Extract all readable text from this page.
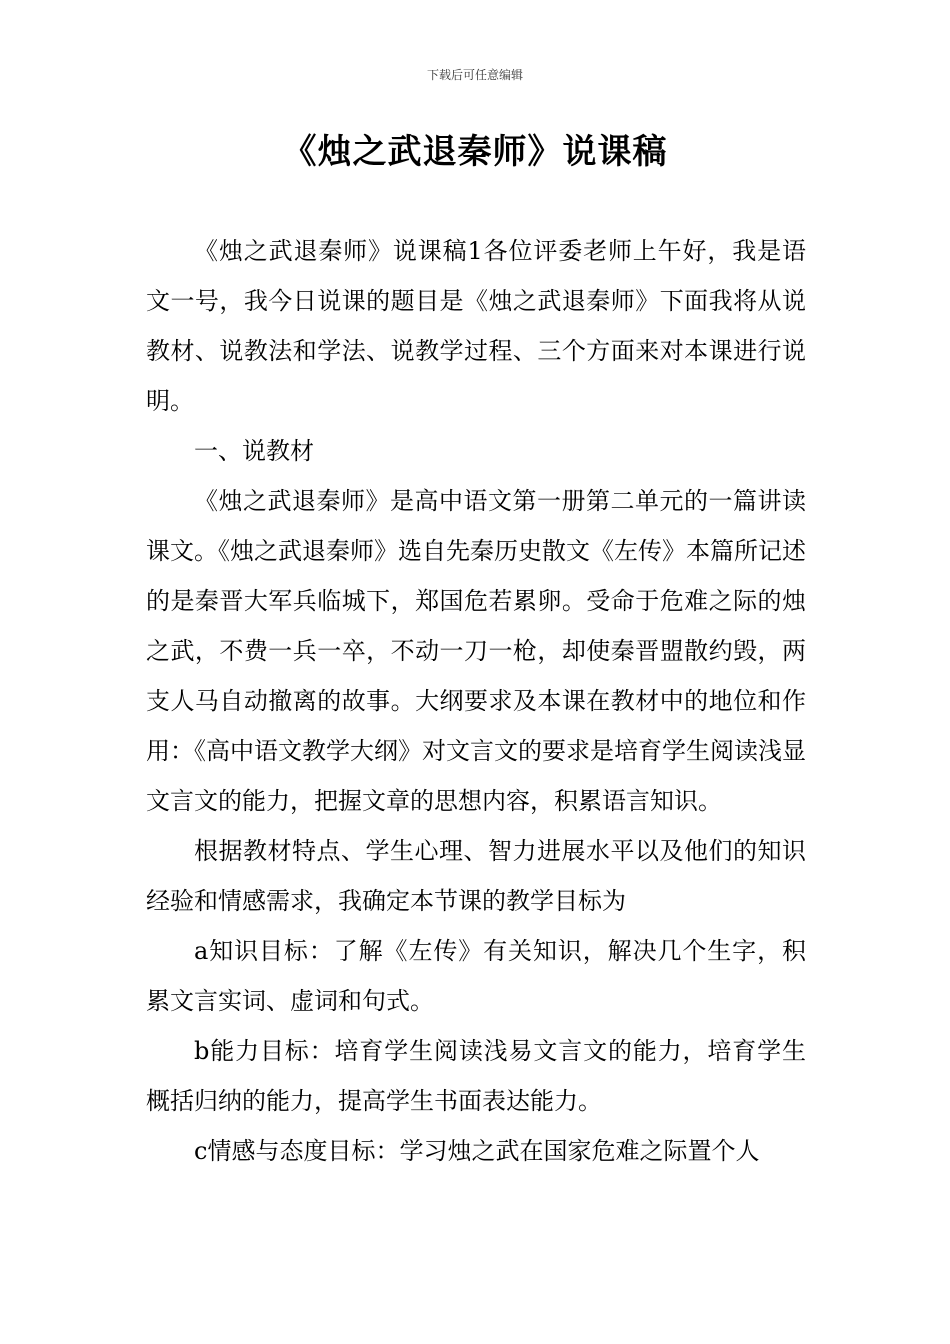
下载后可任意编辑
《烛之武退秦师》说课稿

《烛之武退秦师》说课稿1各位评委老师上午好，我是语文一号，我今日说课的题目是《烛之武退秦师》下面我将从说教材、说教法和学法、说教学过程、三个方面来对本课进行说明。

一、说教材

《烛之武退秦师》是高中语文第一册第二单元的一篇讲读课文。《烛之武退秦师》选自先秦历史散文《左传》本篇所记述的是秦晋大军兵临城下，郑国危若累卵。受命于危难之际的烛之武，不费一兵一卒，不动一刀一枪，却使秦晋盟散约毁，两支人马自动撤离的故事。大纲要求及本课在教材中的地位和作用：《高中语文教学大纲》对文言文的要求是培育学生阅读浅显文言文的能力，把握文章的思想内容，积累语言知识。

根据教材特点、学生心理、智力进展水平以及他们的知识经验和情感需求，我确定本节课的教学目标为

a知识目标：了解《左传》有关知识，解决几个生字，积累文言实词、虚词和句式。

b能力目标：培育学生阅读浅易文言文的能力，培育学生概括归纳的能力，提高学生书面表达能力。

c情感与态度目标：学习烛之武在国家危难之际置个人
